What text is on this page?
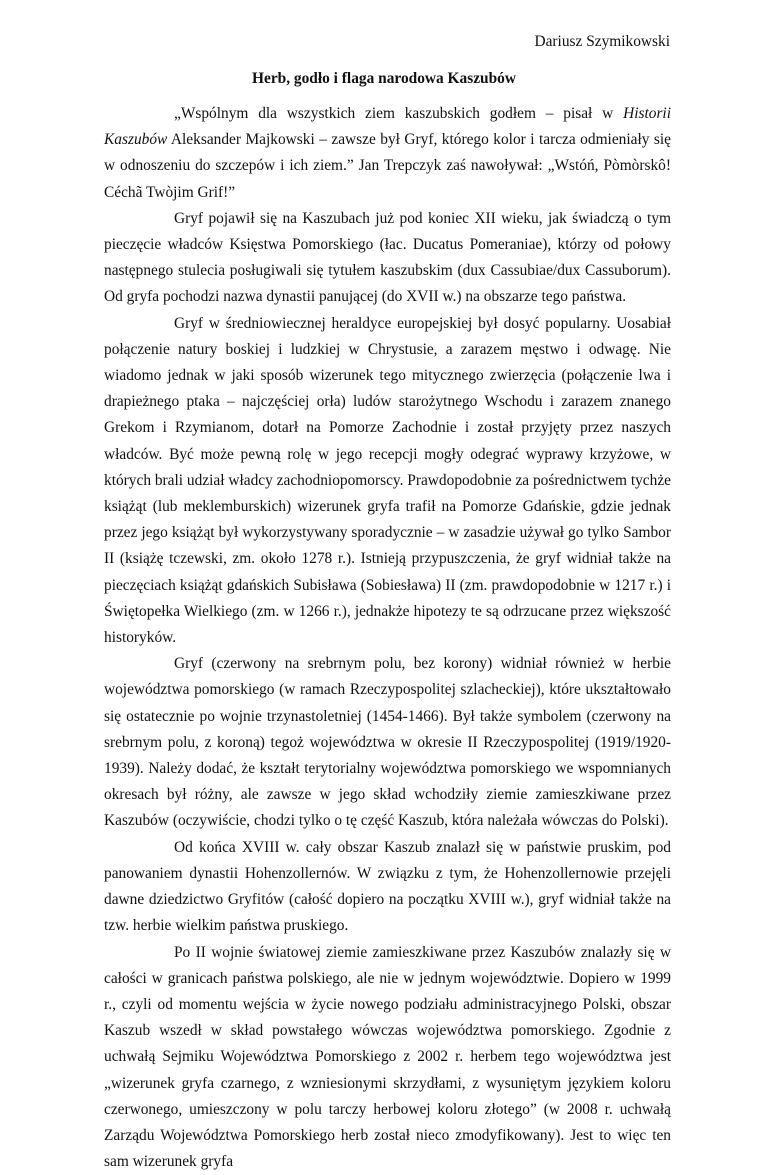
Dariusz Szymikowski
Herb, godło i flaga narodowa Kaszubów

„Wspólnym dla wszystkich ziem kaszubskich godłem – pisał w Historii Kaszubów Aleksander Majkowski – zawsze był Gryf, którego kolor i tarcza odmieniały się w odnoszeniu do szczepów i ich ziem.” Jan Trepczyk zaś nawoływał: „Wstóń, Pòmòrskô! Céchã Twòjim Grif!”

Gryf pojawił się na Kaszubach już pod koniec XII wieku, jak świadczą o tym pieczęcie władców Księstwa Pomorskiego (łac. Ducatus Pomeraniae), którzy od połowy następnego stulecia posługiwali się tytułem kaszubskim (dux Cassubiae/dux Cassuborum). Od gryfa pochodzi nazwa dynastii panującej (do XVII w.) na obszarze tego państwa.

Gryf w średniowiecznej heraldyce europejskiej był dosyć popularny. Uosabiał połączenie natury boskiej i ludzkiej w Chrystusie, a zarazem męstwo i odwagę. Nie wiadomo jednak w jaki sposób wizerunek tego mitycznego zwierzęcia (połączenie lwa i drapieżnego ptaka – najczęściej orła) ludów starożytnego Wschodu i zarazem znanego Grekom i Rzymianom, dotarł na Pomorze Zachodnie i został przyjęty przez naszych władców. Być może pewną rolę w jego recepcji mogły odegrać wyprawy krzyżowe, w których brali udział władcy zachodniopomorscy. Prawdopodobnie za pośrednictwem tychże książąt (lub meklemburskich) wizerunek gryfa trafił na Pomorze Gdańskie, gdzie jednak przez jego książąt był wykorzystywany sporadycznie – w zasadzie używał go tylko Sambor II (książę tczewski, zm. około 1278 r.). Istnieją przypuszczenia, że gryf widniał także na pieczęciach książąt gdańskich Subisława (Sobiesława) II (zm. prawdopodobnie w 1217 r.) i Świętopełka Wielkiego (zm. w 1266 r.), jednakże hipotezy te są odrzucane przez większość historyków.

Gryf (czerwony na srebrnym polu, bez korony) widniał również w herbie województwa pomorskiego (w ramach Rzeczypospolitej szlacheckiej), które ukształtowało się ostatecznie po wojnie trzynastoletniej (1454-1466). Był także symbolem (czerwony na srebrnym polu, z koroną) tegoż województwa w okresie II Rzeczypospolitej (1919/1920-1939). Należy dodać, że kształt terytorialny województwa pomorskiego we wspomnianych okresach był różny, ale zawsze w jego skład wchodziły ziemie zamieszkiwane przez Kaszubów (oczywiście, chodzi tylko o tę część Kaszub, która należała wówczas do Polski).

Od końca XVIII w. cały obszar Kaszub znalazł się w państwie pruskim, pod panowaniem dynastii Hohenzollernów. W związku z tym, że Hohenzollernowie przejęli dawne dziedzictwo Gryfitów (całość dopiero na początku XVIII w.), gryf widniał także na tzw. herbie wielkim państwa pruskiego.

Po II wojnie światowej ziemie zamieszkiwane przez Kaszubów znalazły się w całości w granicach państwa polskiego, ale nie w jednym województwie. Dopiero w 1999 r., czyli od momentu wejścia w życie nowego podziału administracyjnego Polski, obszar Kaszub wszedł w skład powstałego wówczas województwa pomorskiego. Zgodnie z uchwałą Sejmiku Województwa Pomorskiego z 2002 r. herbem tego województwa jest „wizerunek gryfa czarnego, z wzniesionymi skrzydłami, z wysuniętym językiem koloru czerwonego, umieszczony w polu tarczy herbowej koloru złotego” (w 2008 r. uchwałą Zarządu Województwa Pomorskiego herb został nieco zmodyfikowany). Jest to więc ten sam wizerunek gryfa
